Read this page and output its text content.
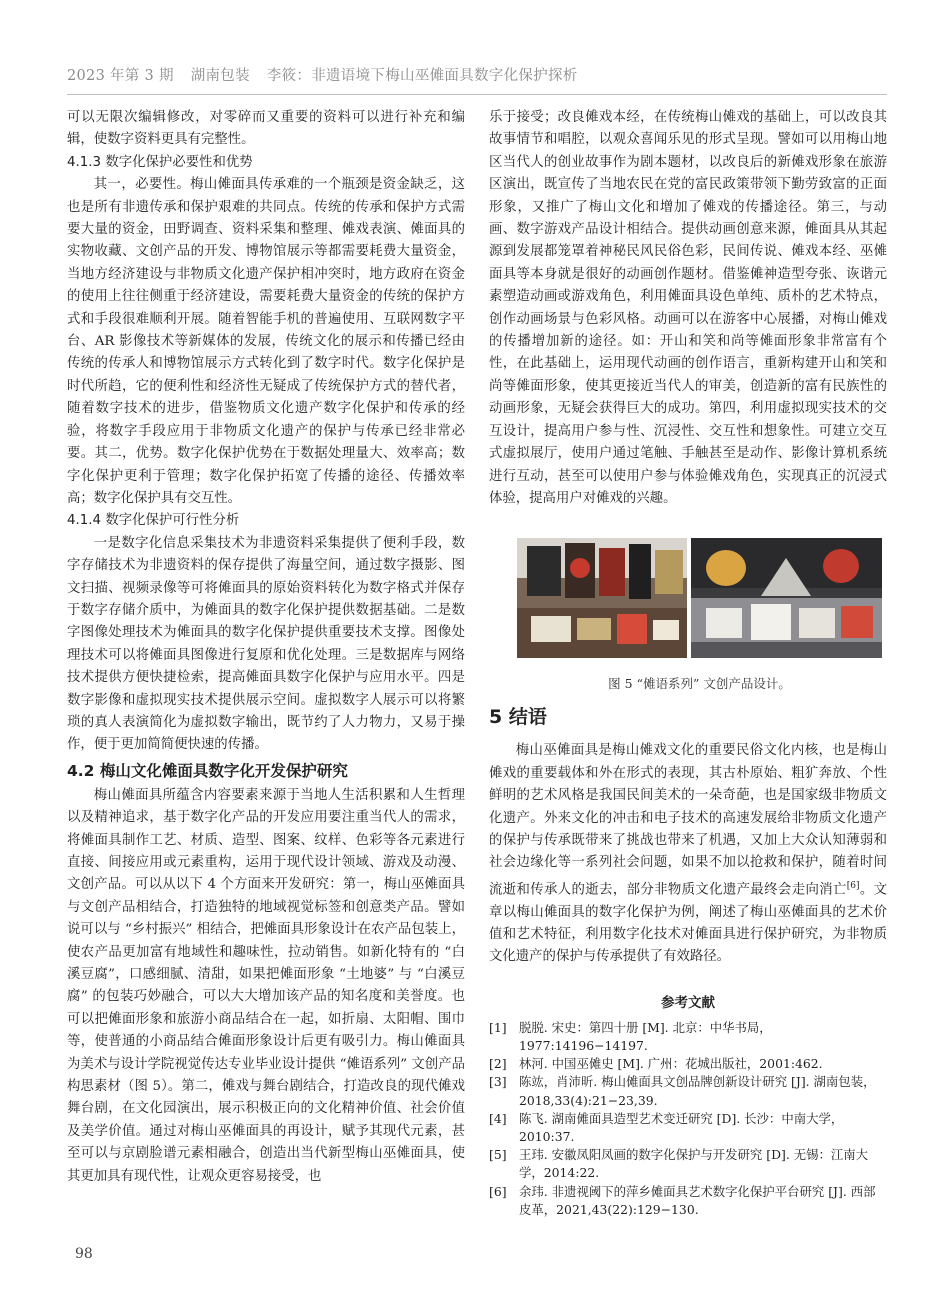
2023 年第 3 期 湖南包装 李筱：非遗语境下梅山巫傩面具数字化保护探析

可以无限次编辑修改，对零碎而又重要的资料可以进行补充和编辑，使数字资料更具有完整性。

4.1.3 数字化保护必要性和优势

其一，必要性。梅山傩面具传承难的一个瓶颈是资金缺乏，这也是所有非遗传承和保护艰难的共同点。传统的传承和保护方式需要大量的资金，田野调查、资料采集和整理、傩戏表演、傩面具的实物收藏、文创产品的开发、博物馆展示等都需要耗费大量资金，当地方经济建设与非物质文化遗产保护相冲突时，地方政府在资金的使用上往往侧重于经济建设，需要耗费大量资金的传统的保护方式和手段很难顺利开展。随着智能手机的普遍使用、互联网数字平台、AR 影像技术等新媒体的发展，传统文化的展示和传播已经由传统的传承人和博物馆展示方式转化到了数字时代。数字化保护是时代所趋，它的便利性和经济性无疑成了传统保护方式的替代者，随着数字技术的进步，借鉴物质文化遗产数字化保护和传承的经验，将数字手段应用于非物质文化遗产的保护与传承已经非常必要。其二，优势。数字化保护优势在于数据处理量大、效率高；数字化保护更利于管理；数字化保护拓宽了传播的途径、传播效率高；数字化保护具有交互性。

4.1.4 数字化保护可行性分析

一是数字化信息采集技术为非遗资料采集提供了便利手段，数字存储技术为非遗资料的保存提供了海量空间，通过数字摄影、图文扫描、视频录像等可将傩面具的原始资料转化为数字格式并保存于数字存储介质中，为傩面具的数字化保护提供数据基础。二是数字图像处理技术为傩面具的数字化保护提供重要技术支撑。图像处理技术可以将傩面具图像进行复原和优化处理。三是数据库与网络技术提供方便快捷检索，提高傩面具数字化保护与应用水平。四是数字影像和虚拟现实技术提供展示空间。虚拟数字人展示可以将繁琐的真人表演简化为虚拟数字输出，既节约了人力物力，又易于操作，便于更加简简便快速的传播。

4.2 梅山文化傩面具数字化开发保护研究

梅山傩面具所蕴含内容要素来源于当地人生活积累和人生哲理以及精神追求，基于数字化产品的开发应用要注重当代人的需求，将傩面具制作工艺、材质、造型、图案、纹样、色彩等各元素进行直接、间接应用或元素重构，运用于现代设计领域、游戏及动漫、文创产品。可以从以下 4 个方面来开发研究：第一，梅山巫傩面具与文创产品相结合，打造独特的地域视觉标签和创意类产品。譬如说可以与 “乡村振兴” 相结合，把傩面具形象设计在农产品包装上，使农产品更加富有地域性和趣味性，拉动销售。如新化特有的 “白溪豆腐”，口感细腻、清甜，如果把傩面形象 “土地婆” 与 “白溪豆腐” 的包装巧妙融合，可以大大增加该产品的知名度和美誉度。也可以把傩面形象和旅游小商品结合在一起，如折扇、太阳帽、围巾等，使普通的小商品结合傩面形象设计后更有吸引力。梅山傩面具为美术与设计学院视觉传达专业毕业设计提供 “傩语系列” 文创产品构思素材（图 5）。第二，傩戏与舞台剧结合，打造改良的现代傩戏舞台剧，在文化园演出，展示积极正向的文化精神价值、社会价值及美学价值。通过对梅山巫傩面具的再设计，赋予其现代元素，甚至可以与京剧脸谱元素相融合，创造出当代新型梅山巫傩面具，使其更加具有现代性，让观众更容易接受，也

乐于接受；改良傩戏本经，在传统梅山傩戏的基础上，可以改良其故事情节和唱腔，以观众喜闻乐见的形式呈现。譬如可以用梅山地区当代人的创业故事作为剧本题材，以改良后的新傩戏形象在旅游区演出，既宣传了当地农民在党的富民政策带领下勤劳致富的正面形象，又推广了梅山文化和增加了傩戏的传播途径。第三，与动画、数字游戏产品设计相结合。提供动画创意来源，傩面具从其起源到发展都笼罩着神秘民风民俗色彩，民间传说、傩戏本经、巫傩面具等本身就是很好的动画创作题材。借鉴傩神造型夸张、诙谐元素塑造动画或游戏角色，利用傩面具设色单纯、质朴的艺术特点，创作动画场景与色彩风格。动画可以在游客中心展播，对梅山傩戏的传播增加新的途径。如：开山和笑和尚等傩面形象非常富有个性，在此基础上，运用现代动画的创作语言，重新构建开山和笑和尚等傩面形象，使其更接近当代人的审美，创造新的富有民族性的动画形象，无疑会获得巨大的成功。第四，利用虚拟现实技术的交互设计，提高用户参与性、沉浸性、交互性和想象性。可建立交互式虚拟展厅，使用户通过笔触、手触甚至是动作、影像计算机系统进行互动，甚至可以使用户参与体验傩戏角色，实现真正的沉浸式体验，提高用户对傩戏的兴趣。

图 5 “傩语系列” 文创产品设计。

5 结语

梅山巫傩面具是梅山傩戏文化的重要民俗文化内核，也是梅山傩戏的重要载体和外在形式的表现，其古朴原始、粗犷奔放、个性鲜明的艺术风格是我国民间美术的一朵奇葩，也是国家级非物质文化遗产。外来文化的冲击和电子技术的高速发展给非物质文化遗产的保护与传承既带来了挑战也带来了机遇，又加上大众认知薄弱和社会边缘化等一系列社会问题，如果不加以抢救和保护，随着时间流逝和传承人的逝去，部分非物质文化遗产最终会走向消亡[6]。文章以梅山傩面具的数字化保护为例，阐述了梅山巫傩面具的艺术价值和艺术特征，利用数字化技术对傩面具进行保护研究，为非物质文化遗产的保护与传承提供了有效路径。

参考文献
[1]	脱脱. 宋史：第四十册 [M]. 北京：中华书局，1977:14196−14197.
[2]	林河. 中国巫傩史 [M]. 广州：花城出版社，2001:462.
[3]	陈竑，肖沛昕. 梅山傩面具文创品牌创新设计研究 [J]. 湖南包装，2018,33(4):21−23,39.
[4]	陈飞. 湖南傩面具造型艺术变迁研究 [D]. 长沙：中南大学，2010:37.
[5]	王玮. 安徽凤阳凤画的数字化保护与开发研究 [D]. 无锡：江南大学，2014:22.
[6]	余玮. 非遗视阈下的萍乡傩面具艺术数字化保护平台研究 [J]. 西部皮革，2021,43(22):129−130.
98
